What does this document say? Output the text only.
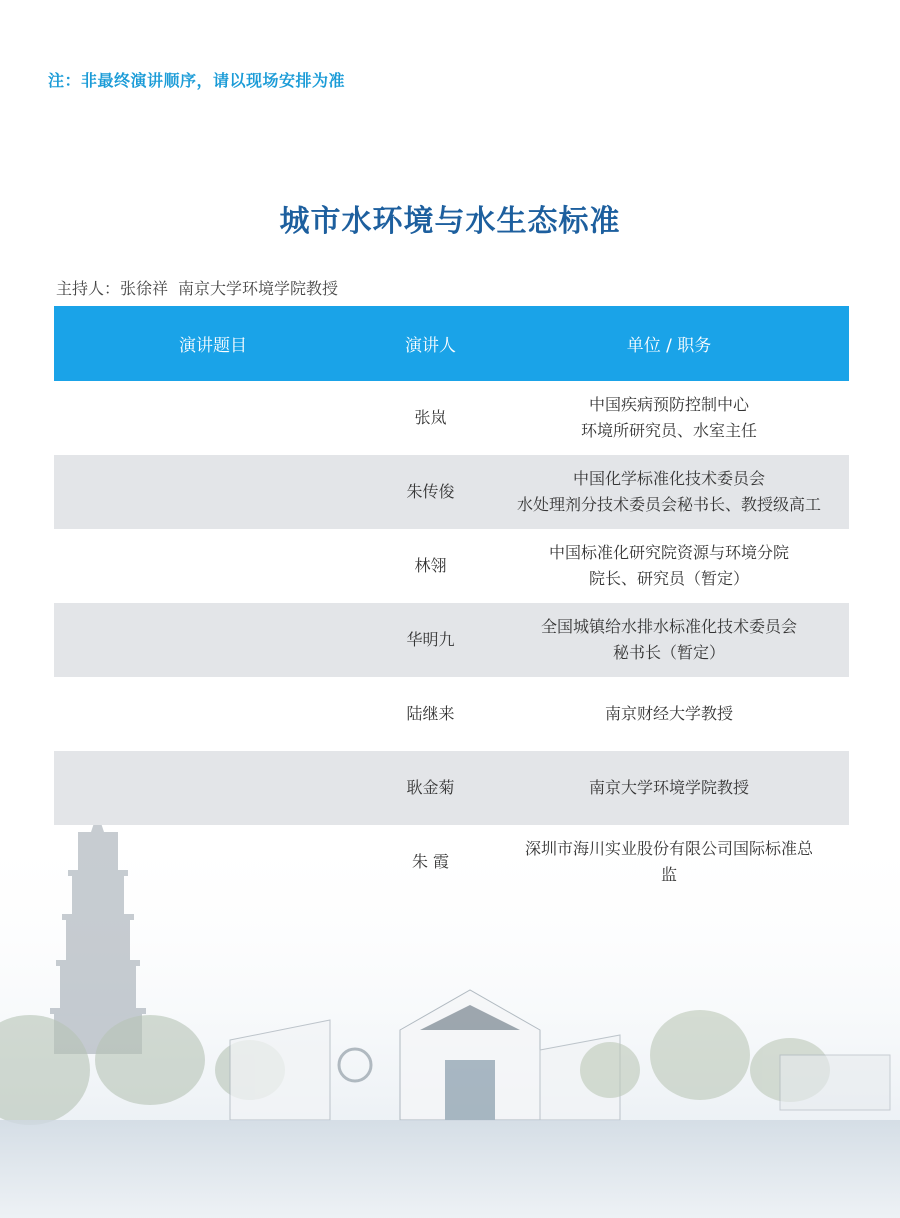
注：非最终演讲顺序，请以现场安排为准
城市水环境与水生态标准
主持人：张徐祥 南京大学环境学院教授
演讲题目	演讲人	单位 / 职务
	张岚	中国疾病预防控制中心
环境所研究员、水室主任

	朱传俊	中国化学标准化技术委员会
水处理剂分技术委员会秘书长、教授级高工

	林翎	中国标准化研究院资源与环境分院
院长、研究员（暂定）

	华明九	全国城镇给水排水标准化技术委员会
秘书长（暂定）

	陆继来	南京财经大学教授

	耿金菊	南京大学环境学院教授

	朱 霞	深圳市海川实业股份有限公司国际标准总
监
